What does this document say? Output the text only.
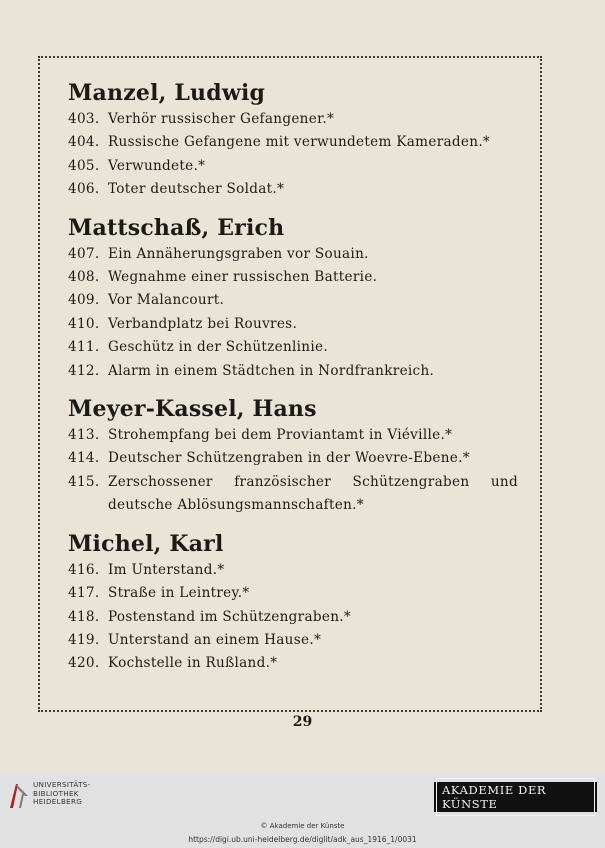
Manzel, Ludwig
403. Verhör russischer Gefangener.*
404. Russische Gefangene mit verwundetem Kameraden.*
405. Verwundete.*
406. Toter deutscher Soldat.*
Mattschaß, Erich
407. Ein Annäherungsgraben vor Souain.
408. Wegnahme einer russischen Batterie.
409. Vor Malancourt.
410. Verbandplatz bei Rouvres.
411. Geschütz in der Schützenlinie.
412. Alarm in einem Städtchen in Nordfrankreich.
Meyer-Kassel, Hans
413. Strohempfang bei dem Proviantamt in Viéville.*
414. Deutscher Schützengraben in der Woevre-Ebene.*
415. Zerschossener französischer Schützengraben und deutsche Ablösungsmannschaften.*
Michel, Karl
416. Im Unterstand.*
417. Straße in Leintrey.*
418. Postenstand im Schützengraben.*
419. Unterstand an einem Hause.*
420. Kochstelle in Rußland.*
29
UNIVERSITÄTS-
BIBLIOTHEK
HEIDELBERG
AKADEMIE DER KÜNSTE
© Akademie der Künste
https://digi.ub.uni-heidelberg.de/diglit/adk_aus_1916_1/0031
